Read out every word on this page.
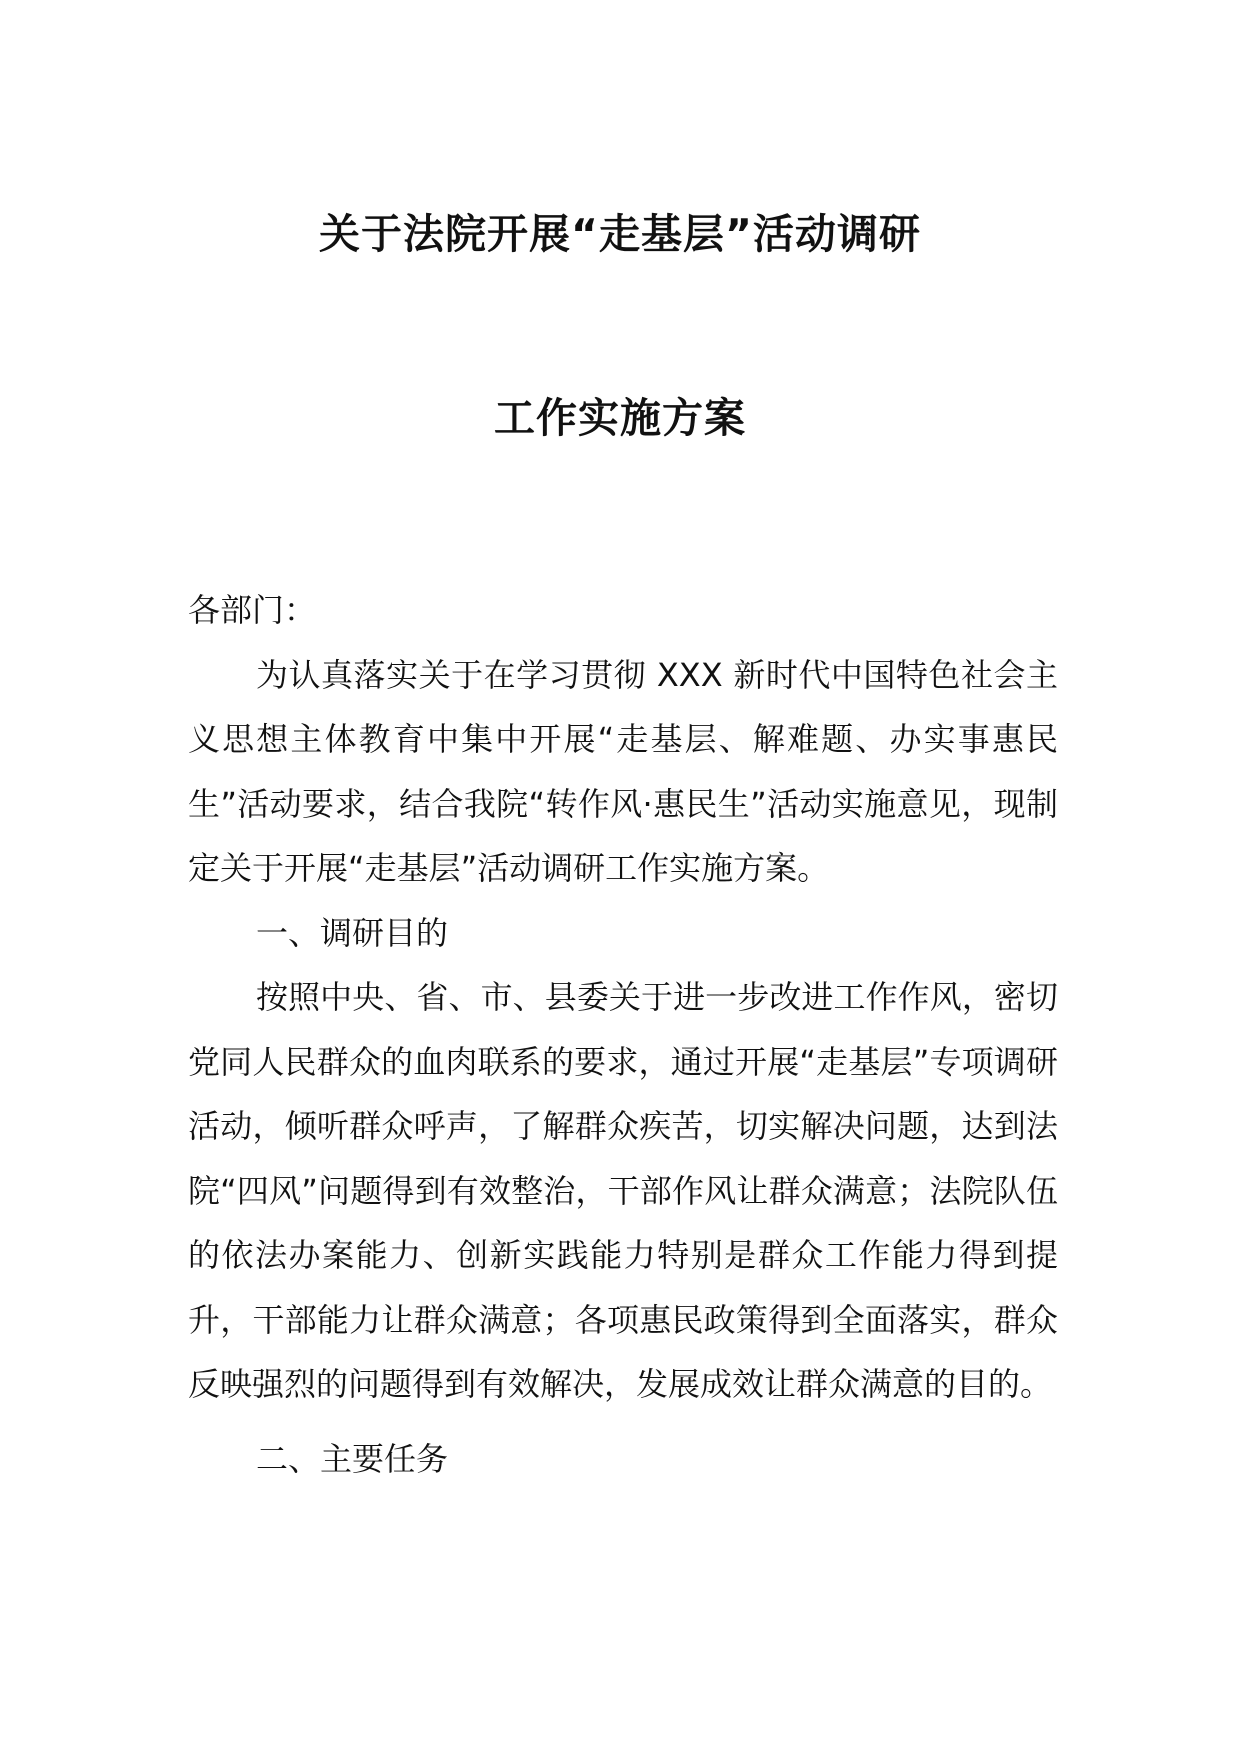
关于法院开展“走基层”活动调研
工作实施方案

各部门：

为认真落实关于在学习贯彻 XXX 新时代中国特色社会主义思想主体教育中集中开展“走基层、解难题、办实事惠民生”活动要求，结合我院“转作风·惠民生”活动实施意见，现制定关于开展“走基层”活动调研工作实施方案。

一、调研目的

按照中央、省、市、县委关于进一步改进工作作风，密切党同人民群众的血肉联系的要求，通过开展“走基层”专项调研活动，倾听群众呼声，了解群众疾苦，切实解决问题，达到法院“四风”问题得到有效整治，干部作风让群众满意；法院队伍的依法办案能力、创新实践能力特别是群众工作能力得到提升，干部能力让群众满意；各项惠民政策得到全面落实，群众反映强烈的问题得到有效解决，发展成效让群众满意的目的。

二、主要任务
